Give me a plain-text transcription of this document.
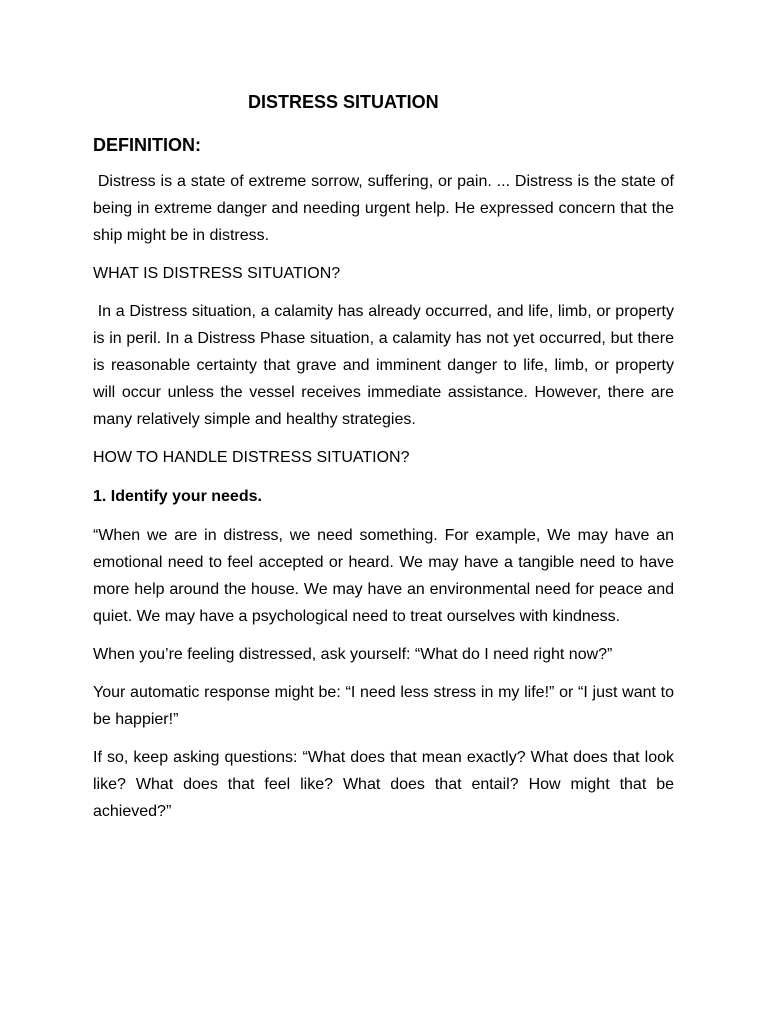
DISTRESS SITUATION
DEFINITION:

Distress is a state of extreme sorrow, suffering, or pain. ... Distress is the state of being in extreme danger and needing urgent help. He expressed concern that the ship might be in distress.

WHAT IS DISTRESS SITUATION?

In a Distress situation, a calamity has already occurred, and life, limb, or property is in peril. In a Distress Phase situation, a calamity has not yet occurred, but there is reasonable certainty that grave and imminent danger to life, limb, or property will occur unless the vessel receives immediate assistance. However, there are many relatively simple and healthy strategies.

HOW TO HANDLE DISTRESS SITUATION?

1. Identify your needs.

“When we are in distress, we need something. For example, We may have an emotional need to feel accepted or heard. We may have a tangible need to have more help around the house. We may have an environmental need for peace and quiet. We may have a psychological need to treat ourselves with kindness.

When you’re feeling distressed, ask yourself: “What do I need right now?”

Your automatic response might be: “I need less stress in my life!” or “I just want to be happier!”

If so, keep asking questions: “What does that mean exactly? What does that look like? What does that feel like? What does that entail? How might that be achieved?”
